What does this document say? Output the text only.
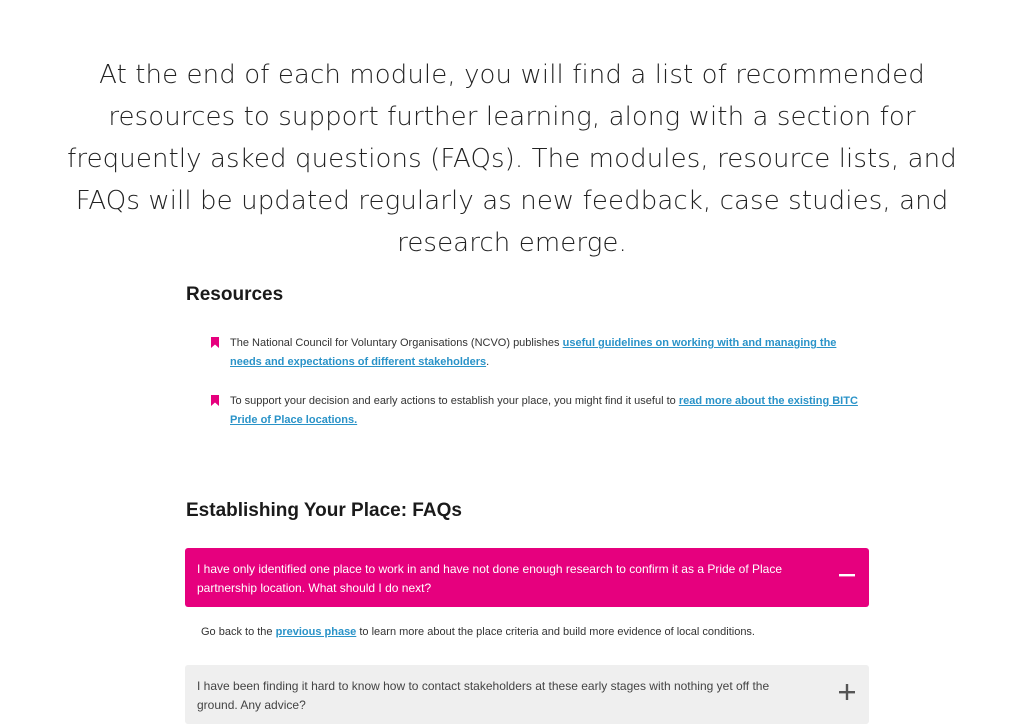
At the end of each module, you will find a list of recommended resources to support further learning, along with a section for frequently asked questions (FAQs). The modules, resource lists, and FAQs will be updated regularly as new feedback, case studies, and research emerge.

Resources
The National Council for Voluntary Organisations (NCVO) publishes useful guidelines on working with and managing the needs and expectations of different stakeholders.
To support your decision and early actions to establish your place, you might find it useful to read more about the existing BITC Pride of Place locations.
Establishing Your Place: FAQs
I have only identified one place to work in and have not done enough research to confirm it as a Pride of Place partnership location. What should I do next?
Go back to the previous phase to learn more about the place criteria and build more evidence of local conditions.
I have been finding it hard to know how to contact stakeholders at these early stages with nothing yet off the ground. Any advice?
